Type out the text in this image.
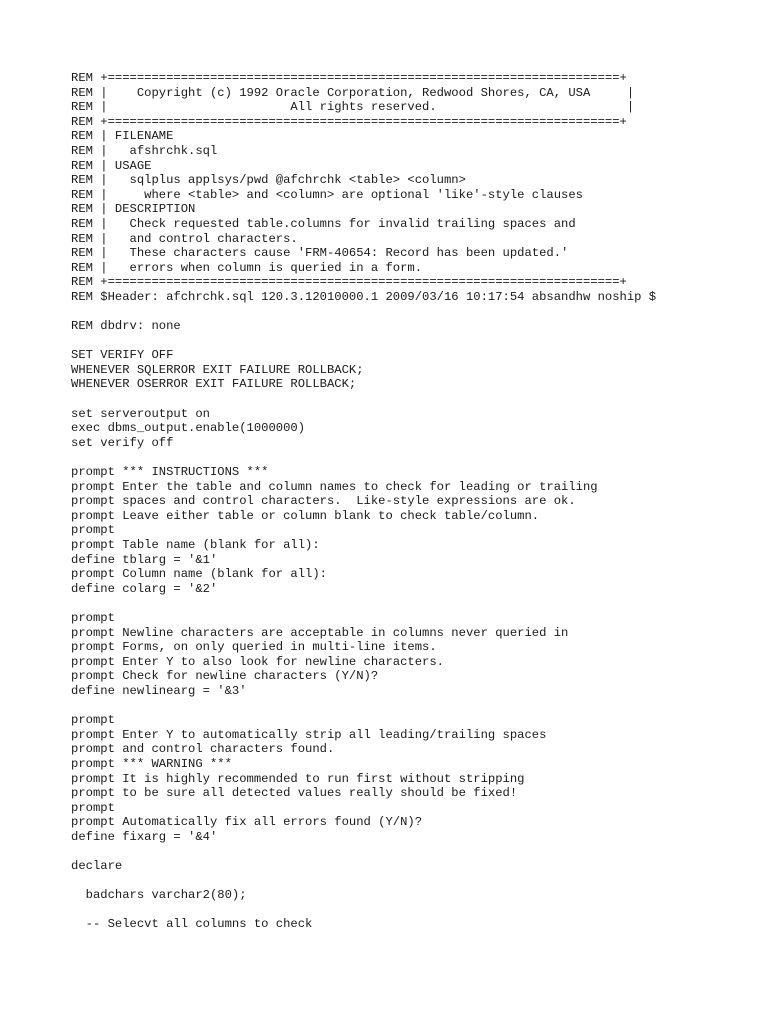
REM +======================================================================+
REM |    Copyright (c) 1992 Oracle Corporation, Redwood Shores, CA, USA     |
REM |                         All rights reserved.                          |
REM +======================================================================+
REM | FILENAME
REM |   afshrchk.sql
REM | USAGE
REM |   sqlplus applsys/pwd @afchrchk <table> <column>
REM |     where <table> and <column> are optional 'like'-style clauses
REM | DESCRIPTION
REM |   Check requested table.columns for invalid trailing spaces and
REM |   and control characters.
REM |   These characters cause 'FRM-40654: Record has been updated.'
REM |   errors when column is queried in a form.
REM +======================================================================+
REM $Header: afchrchk.sql 120.3.12010000.1 2009/03/16 10:17:54 absandhw noship $
REM dbdrv: none
SET VERIFY OFF
WHENEVER SQLERROR EXIT FAILURE ROLLBACK;
WHENEVER OSERROR EXIT FAILURE ROLLBACK;
set serveroutput on
exec dbms_output.enable(1000000)
set verify off
prompt *** INSTRUCTIONS ***
prompt Enter the table and column names to check for leading or trailing
prompt spaces and control characters.  Like-style expressions are ok.
prompt Leave either table or column blank to check table/column.
prompt
prompt Table name (blank for all):
define tblarg = '&1'
prompt Column name (blank for all):
define colarg = '&2'
prompt
prompt Newline characters are acceptable in columns never queried in
prompt Forms, on only queried in multi-line items.
prompt Enter Y to also look for newline characters.
prompt Check for newline characters (Y/N)?
define newlinearg = '&3'
prompt
prompt Enter Y to automatically strip all leading/trailing spaces
prompt and control characters found.
prompt *** WARNING ***
prompt It is highly recommended to run first without stripping
prompt to be sure all detected values really should be fixed!
prompt
prompt Automatically fix all errors found (Y/N)?
define fixarg = '&4'
declare
badchars varchar2(80);
-- Selecvt all columns to check
